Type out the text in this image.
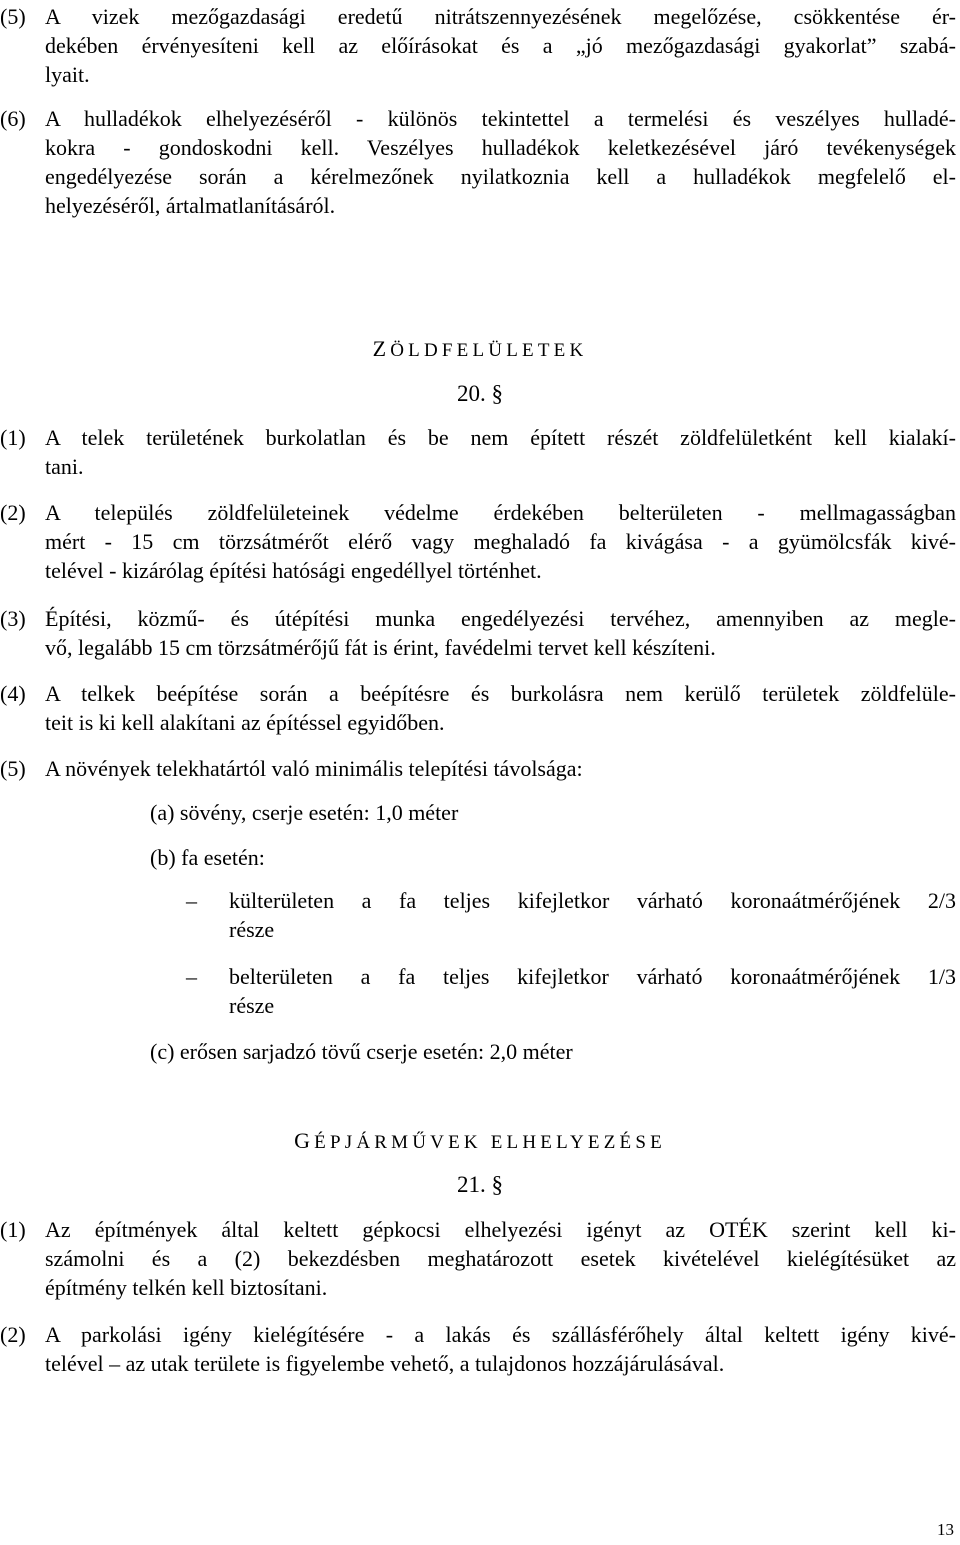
(5) A vizek mezőgazdasági eredetű nitrátszennyezésének megelőzése, csökkentése ér-
dekében érvényesíteni kell az előírásokat és a „jó mezőgazdasági gyakorlat” szabá-
lyait.
(6) A hulladékok elhelyezéséről - különös tekintettel a termelési és veszélyes hulladé-
kokra - gondoskodni kell. Veszélyes hulladékok keletkezésével járó tevékenységek
engedélyezése során a kérelmezőnek nyilatkoznia kell a hulladékok megfelelő el-
helyezéséről, ártalmatlanításáról.
ZÖLDFELÜLETEK
20. §
(1) A telek területének burkolatlan és be nem épített részét zöldfelületként kell kialakí-
tani.
(2) A település zöldfelületeinek védelme érdekében belterületen - mellmagasságban
mért - 15 cm törzsátmérőt elérő vagy meghaladó fa kivágása - a gyümölcsfák kivé-
telével - kizárólag építési hatósági engedéllyel történhet.
(3) Építési, közmű- és útépítési munka engedélyezési tervéhez, amennyiben az megle-
vő, legalább 15 cm törzsátmérőjű fát is érint, favédelmi tervet kell készíteni.
(4) A telkek beépítése során a beépítésre és burkolásra nem kerülő területek zöldfelüle-
teit is ki kell alakítani az építéssel egyidőben.
(5) A növények telekhatártól való minimális telepítési távolsága:
(a) sövény, cserje esetén: 1,0 méter
(b) fa esetén:
– külterületen a fa teljes kifejletkor várható koronaátmérőjének 2/3
része
– belterületen a fa teljes kifejletkor várható koronaátmérőjének 1/3
része
(c) erősen sarjadzó tövű cserje esetén: 2,0 méter
GÉPJÁRMŰVEK ELHELYEZÉSE
21. §
(1) Az építmények által keltett gépkocsi elhelyezési igényt az OTÉK szerint kell ki-
számolni és a (2) bekezdésben meghatározott esetek kivételével kielégítésüket az
építmény telkén kell biztosítani.
(2) A parkolási igény kielégítésére - a lakás és szállásférőhely által keltett igény kivé-
telével – az utak területe is figyelembe vehető, a tulajdonos hozzájárulásával.
13
